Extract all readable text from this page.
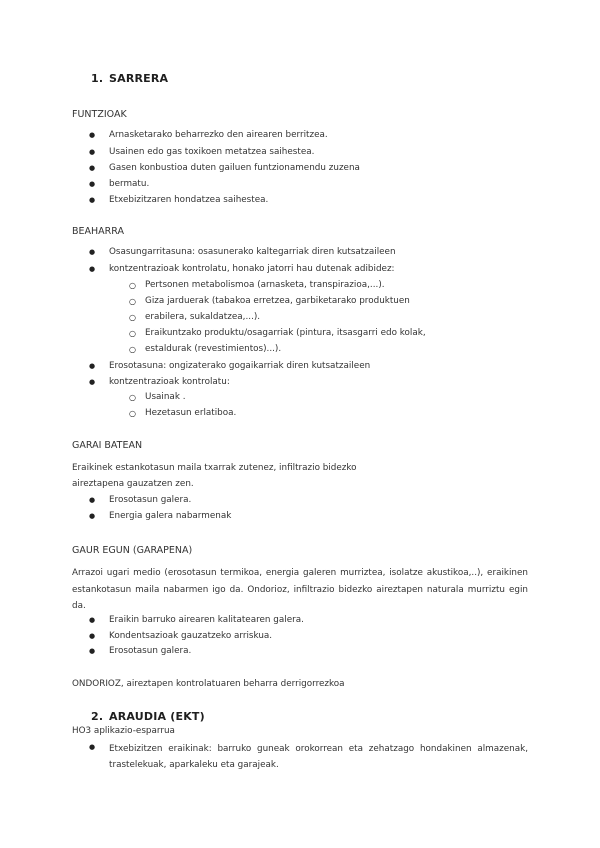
1. SARRERA
FUNTZIOAK
● Arnasketarako beharrezko den airearen berritzea.
● Usainen edo gas toxikoen metatzea saihestea.
● Gasen konbustioa duten gailuen funtzionamendu zuzena
● bermatu.
● Etxebizitzaren hondatzea saihestea.
BEAHARRA
● Osasungarritasuna: osasunerako kaltegarriak diren kutsatzaileen
● kontzentrazioak kontrolatu, honako jatorri hau dutenak adibidez:
○ Pertsonen metabolismoa (arnasketa, transpirazioa,...).
○ Giza jarduerak (tabakoa erretzea, garbiketarako produktuen
○ erabilera, sukaldatzea,...).
○ Eraikuntzako produktu/osagarriak (pintura, itsasgarri edo kolak,
○ estaldurak (revestimientos)...).
● Erosotasuna: ongizaterako gogaikarriak diren kutsatzaileen
● kontzentrazioak kontrolatu:
○ Usainak .
○ Hezetasun erlatiboa.
GARAI BATEAN
Eraikinek estankotasun maila txarrak zutenez, infiltrazio bidezko
aireztapena gauzatzen zen.
● Erosotasun galera.
● Energia galera nabarmenak
GAUR EGUN (GARAPENA)
Arrazoi ugari medio (erosotasun termikoa, energia galeren murriztea, isolatze akustikoa,..), eraikinen estankotasun maila nabarmen igo da. Ondorioz, infiltrazio bidezko aireztapen naturala murriztu egin da.
● Eraikin barruko airearen kalitatearen galera.
● Kondentsazioak gauzatzeko arriskua.
● Erosotasun galera.
ONDORIOZ, aireztapen kontrolatuaren beharra derrigorrezkoa
2. ARAUDIA (EKT)
HO3 aplikazio-esparrua
● Etxebizitzen eraikinak: barruko guneak orokorrean eta zehatzago hondakinen almazenak, trastelekuak, aparkaleku eta garajeak.
